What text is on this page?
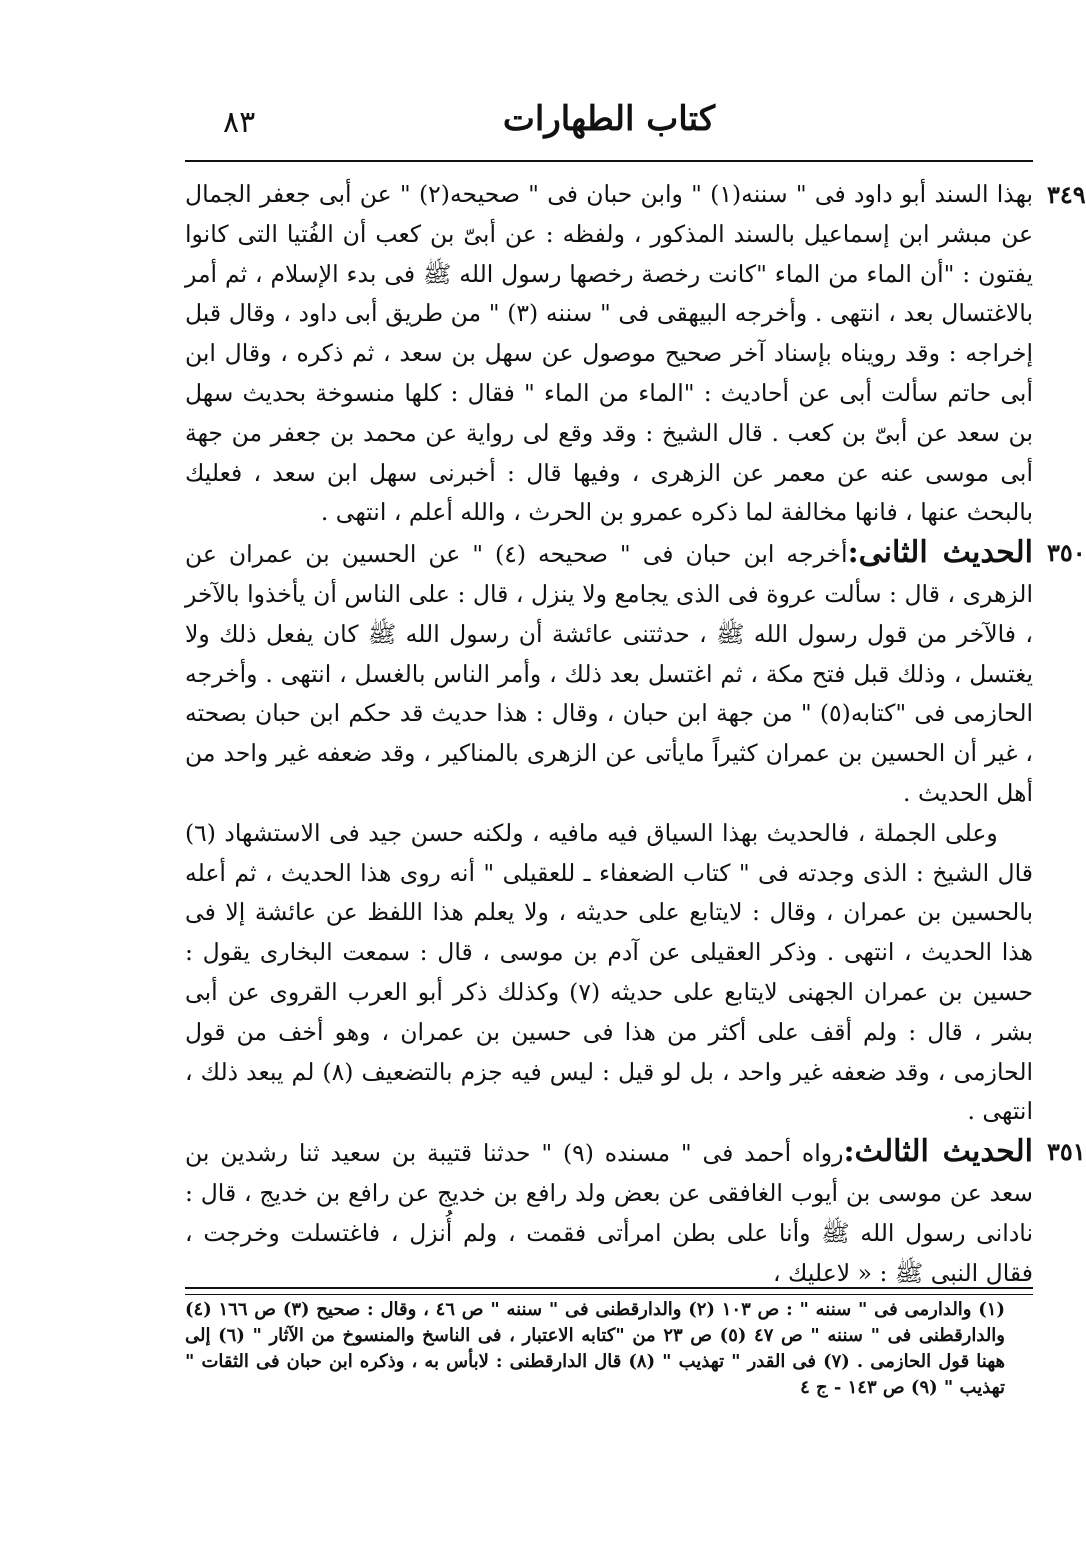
٨٣	كتاب الطهارات

٣٤٩
بهذا السند أبو داود فى " سننه(١) " وابن حبان فى " صحيحه(٢) " عن أبى جعفر الجمال عن مبشر ابن إسماعيل بالسند المذكور ، ولفظه : عن أبىّ بن كعب أن الفُتيا التى كانوا يفتون : "أن الماء من الماء "كانت رخصة رخصها رسول الله ﷺ فى بدء الإسلام ، ثم أمر بالاغتسال بعد ، انتهى . وأخرجه البيهقى فى " سننه (٣) " من طريق أبى داود ، وقال قبل إخراجه : وقد رويناه بإسناد آخر صحيح موصول عن سهل بن سعد ، ثم ذكره ، وقال ابن أبى حاتم سألت أبى عن أحاديث : "الماء من الماء " فقال : كلها منسوخة بحديث سهل بن سعد عن أبىّ بن كعب . قال الشيخ : وقد وقع لى رواية عن محمد بن جعفر من جهة أبى موسى عنه عن معمر عن الزهرى ، وفيها قال : أخبرنى سهل ابن سعد ، فعليك بالبحث عنها ، فانها مخالفة لما ذكره عمرو بن الحرث ، والله أعلم ، انتهى .

٣٥٠
الحديث الثانى:أخرجه ابن حبان فى " صحيحه (٤) " عن الحسين بن عمران عن الزهرى ، قال : سألت عروة فى الذى يجامع ولا ينزل ، قال : على الناس أن يأخذوا بالآخر ، فالآخر من قول رسول الله ﷺ ، حدثتنى عائشة أن رسول الله ﷺ كان يفعل ذلك ولا يغتسل ، وذلك قبل فتح مكة ، ثم اغتسل بعد ذلك ، وأمر الناس بالغسل ، انتهى . وأخرجه الحازمى فى "كتابه(٥) " من جهة ابن حبان ، وقال : هذا حديث قد حكم ابن حبان بصحته ، غير أن الحسين بن عمران كثيراً مايأتى عن الزهرى بالمناكير ، وقد ضعفه غير واحد من أهل الحديث .

وعلى الجملة ، فالحديث بهذا السياق فيه مافيه ، ولكنه حسن جيد فى الاستشهاد (٦) قال الشيخ : الذى وجدته فى " كتاب الضعفاء ـ للعقيلى " أنه روى هذا الحديث ، ثم أعله بالحسين بن عمران ، وقال : لايتابع على حديثه ، ولا يعلم هذا اللفظ عن عائشة إلا فى هذا الحديث ، انتهى . وذكر العقيلى عن آدم بن موسى ، قال : سمعت البخارى يقول : حسين بن عمران الجهنى لايتابع على حديثه (٧) وكذلك ذكر أبو العرب القروى عن أبى بشر ، قال : ولم أقف على أكثر من هذا فى حسين بن عمران ، وهو أخف من قول الحازمى ، وقد ضعفه غير واحد ، بل لو قيل : ليس فيه جزم بالتضعيف (٨) لم يبعد ذلك ، انتهى .

٣٥١
الحديث الثالث:رواه أحمد فى " مسنده (٩) " حدثنا قتيبة بن سعيد ثنا رشدين بن سعد عن موسى بن أيوب الغافقى عن بعض ولد رافع بن خديج عن رافع بن خديج ، قال : نادانى رسول الله ﷺ وأنا على بطن امرأتى فقمت ، ولم أُنزل ، فاغتسلت وخرجت ، فقال النبى ﷺ : « لاعليك ،

(١) والدارمى فى " سننه " : ص ١٠٣ (٢) والدارقطنى فى " سننه " ص ٤٦ ، وقال : صحيح (٣) ص ١٦٦ (٤) والدارقطنى فى " سننه " ص ٤٧ (٥) ص ٢٣ من "كتابه الاعتبار ، فى الناسخ والمنسوخ من الآثار " (٦) إلى ههنا قول الحازمى . (٧) فى القدر " تهذيب " (٨) قال الدارقطنى : لابأس به ، وذكره ابن حبان فى الثقات " تهذيب " (٩) ص ١٤٣ - ج ٤
